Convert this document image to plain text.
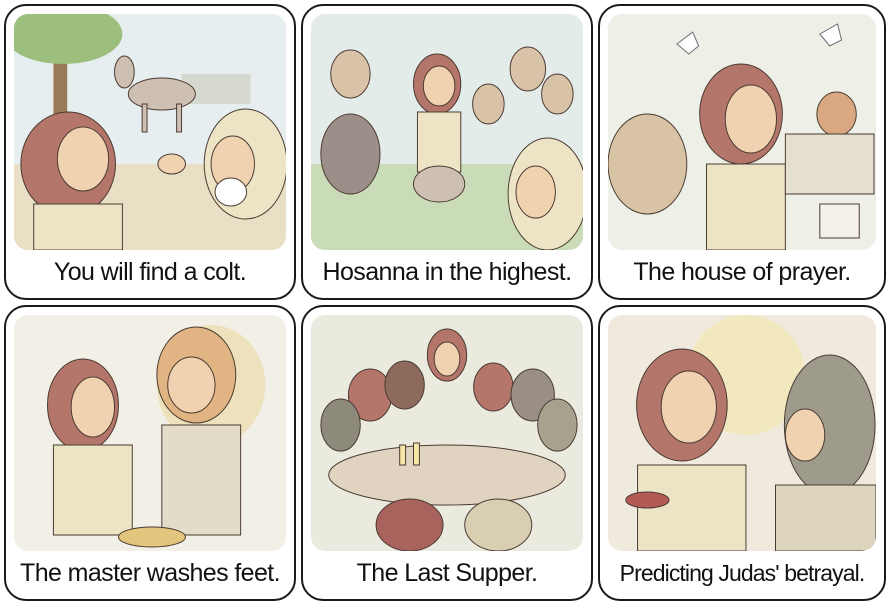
You will find a colt.	Hosanna in the highest.	The house of prayer.
The master washes feet.	The Last Supper.	Predicting Judas' betrayal.
